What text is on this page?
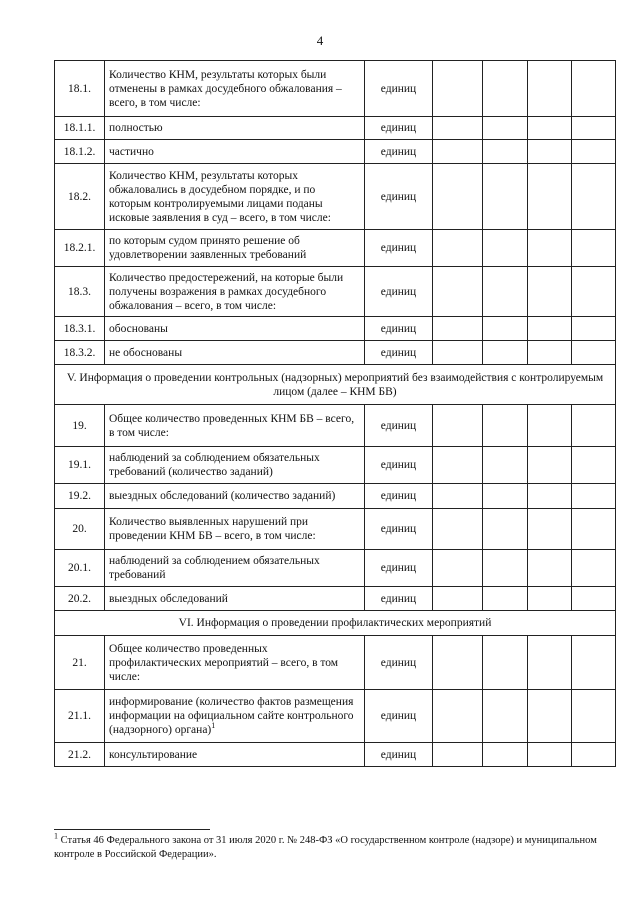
4
18.1.	Количество КНМ, результаты которых были отменены в рамках досудебного обжалования – всего, в том числе:	единиц				
18.1.1.	полностью	единиц				
18.1.2.	частично	единиц				
18.2.	Количество КНМ, результаты которых обжаловались в досудебном порядке, и по которым контролируемыми лицами поданы исковые заявления в суд – всего, в том числе:	единиц				
18.2.1.	по которым судом принято решение об удовлетворении заявленных требований	единиц				
18.3.	Количество предостережений, на которые были получены возражения в рамках досудебного обжалования – всего, в том числе:	единиц				
18.3.1.	обоснованы	единиц				
18.3.2.	не обоснованы	единиц				
V. Информация о проведении контрольных (надзорных) мероприятий без взаимодействия с контролируемым лицом (далее – КНМ БВ)						
19.	Общее количество проведенных КНМ БВ – всего, в том числе:	единиц				
19.1.	наблюдений за соблюдением обязательных требований (количество заданий)	единиц				
19.2.	выездных обследований (количество заданий)	единиц				
20.	Количество выявленных нарушений при проведении КНМ БВ – всего, в том числе:	единиц				
20.1.	наблюдений за соблюдением обязательных требований	единиц				
20.2.	выездных обследований	единиц				
VI. Информация о проведении профилактических мероприятий						
21.	Общее количество проведенных профилактических мероприятий – всего, в том числе:	единиц				
21.1.	информирование (количество фактов размещения информации на официальном сайте контрольного (надзорного) органа)$^1$	единиц				
21.2.	консультирование	единиц				
$^1$ Статья 46 Федерального закона от 31 июля 2020 г. № 248-ФЗ «О государственном контроле (надзоре) и муниципальном контроле в Российской Федерации».
